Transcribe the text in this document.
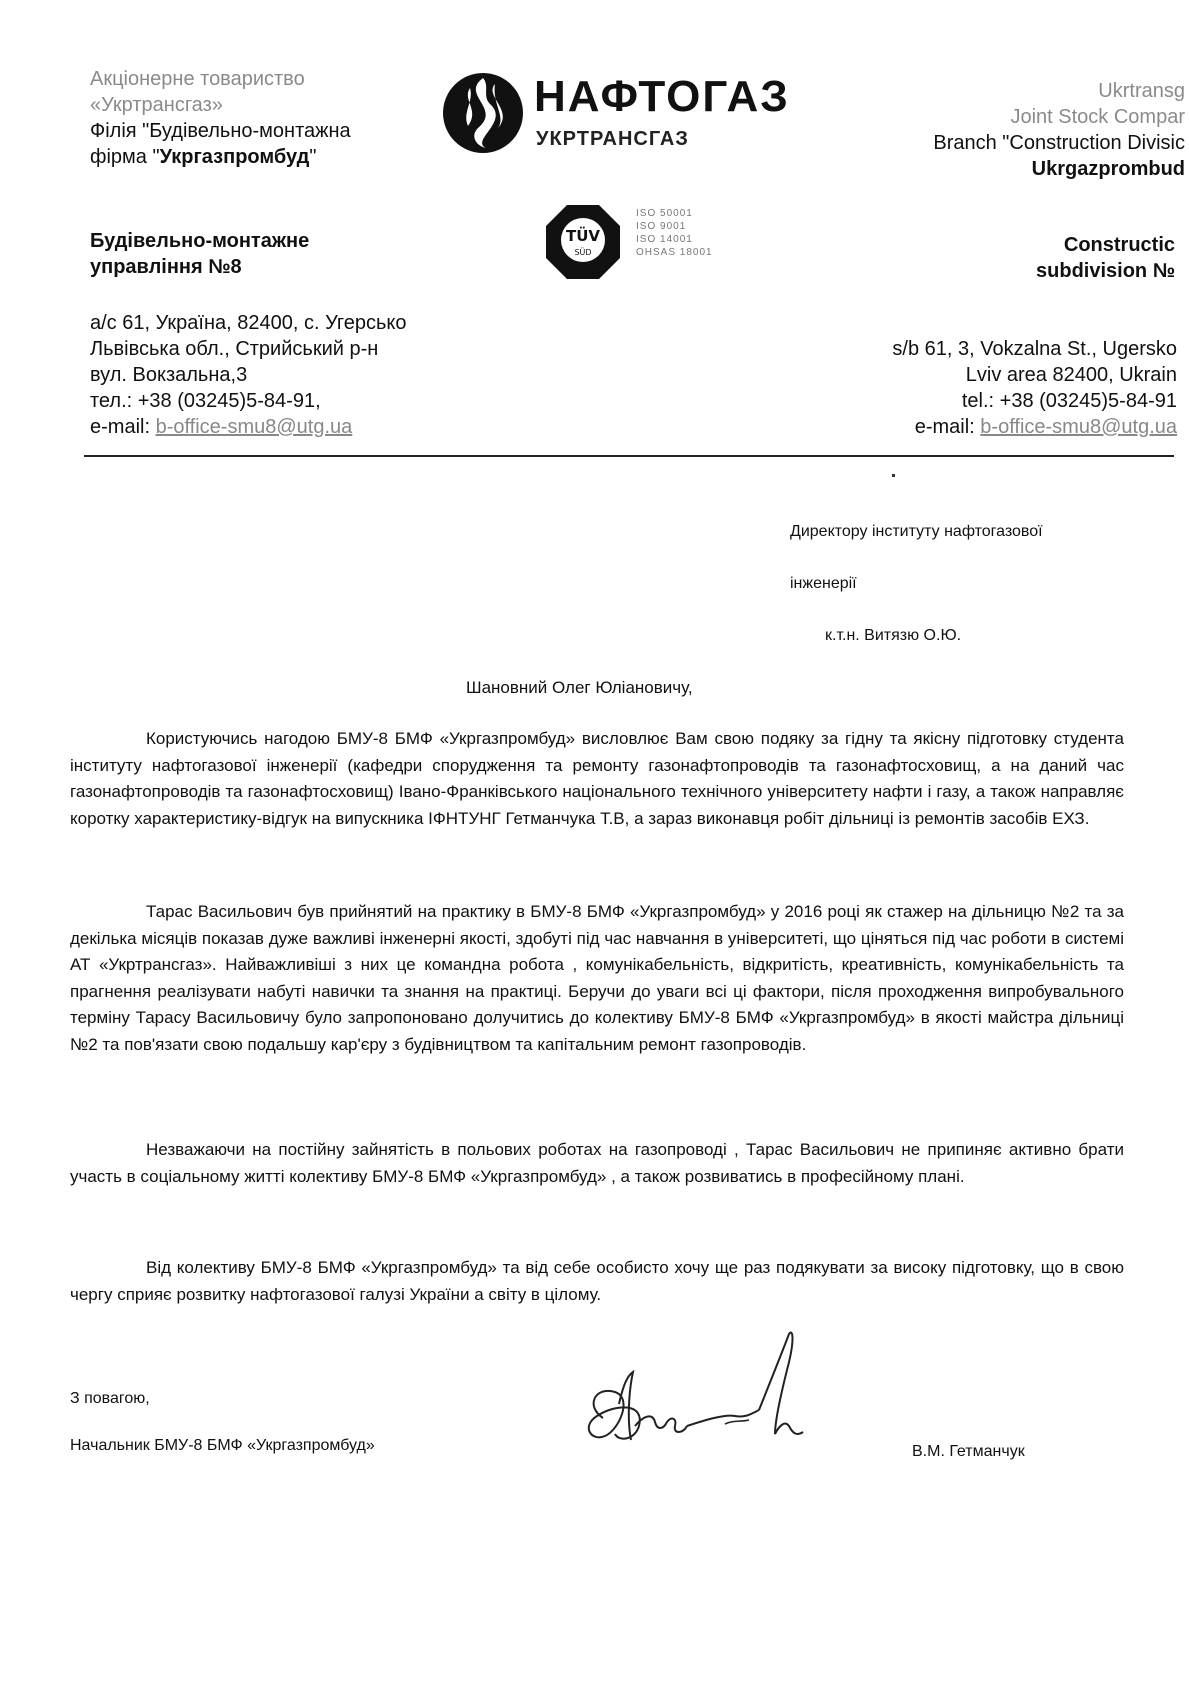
Акціонерне товариство
«Укртрансгаз»
Філія "Будівельно-монтажна
фірма "Укргазпромбуд"
НАФТОГАЗ
УКРТРАНСГАЗ
TÜV
SÜD
ISO 50001
ISO 9001
ISO 14001
OHSAS 18001
Ukrtransg
Joint Stock Compar
Branch "Construction Divisic
Ukrgazprombud
Будівельно-монтажне
управління №8
Constructic
subdivision №
а/с 61, Україна, 82400, с. Угерсько
Львівська обл., Стрийський р-н
вул. Вокзальна,3
тел.: +38 (03245)5-84-91,
e-mail: b-office-smu8@utg.ua
s/b 61, 3, Vokzalna St., Ugersko
Lviv area 82400, Ukrain
tel.: +38 (03245)5-84-91
e-mail: b-office-smu8@utg.ua
Директору інституту нафтогазової
інженерії
к.т.н. Витязю О.Ю.
Шановний Олег Юліановичу,
Користуючись нагодою БМУ-8 БМФ «Укргазпромбуд» висловлює Вам свою подяку за гідну та якісну підготовку студента інституту нафтогазової інженерії (кафедри спорудження та ремонту газонафтопроводів та газонафтосховищ, а на даний час газонафтопроводів та газонафтосховищ) Івано-Франківського національного технічного університету нафти і газу, а також направляє коротку характеристику-відгук на випускника ІФНТУНГ Гетманчука Т.В, а зараз виконавця робіт дільниці із ремонтів засобів ЕХЗ.
Тарас Васильович був прийнятий на практику в БМУ-8 БМФ «Укргазпромбуд» у 2016 році як стажер на дільницю №2 та за декілька місяців показав дуже важливі інженерні якості, здобуті під час навчання в університеті, що цiняться під час роботи в системі АТ «Укртрансгаз». Найважливіші з них це командна робота , комунікабельність, відкритість, креативність, комунікабельність та прагнення реалізувати набуті навички та знання на практиці. Беручи до уваги всі ці фактори, після проходження випробувального терміну Тарасу Васильовичу було запропоновано долучитись до колективу БМУ-8 БМФ «Укргазпромбуд» в якості майстра дільниці №2 та пов'язати свою подальшу кар'єру з будівництвом та капітальним ремонт газопроводів.
Незважаючи на постійну зайнятість в польових роботах на газопроводі , Тарас Васильович не припиняє активно брати участь в соціальному житті колективу БМУ-8 БМФ «Укргазпромбуд» , а також розвиватись в професійному плані.
Від колективу БМУ-8 БМФ «Укргазпромбуд» та від себе особисто хочу ще раз подякувати за високу підготовку, що в свою чергу сприяє розвитку нафтогазової галузі України а світу в цілому.
З повагою,
Начальник БМУ-8 БМФ «Укргазпромбуд»	В.М. Гетманчук
